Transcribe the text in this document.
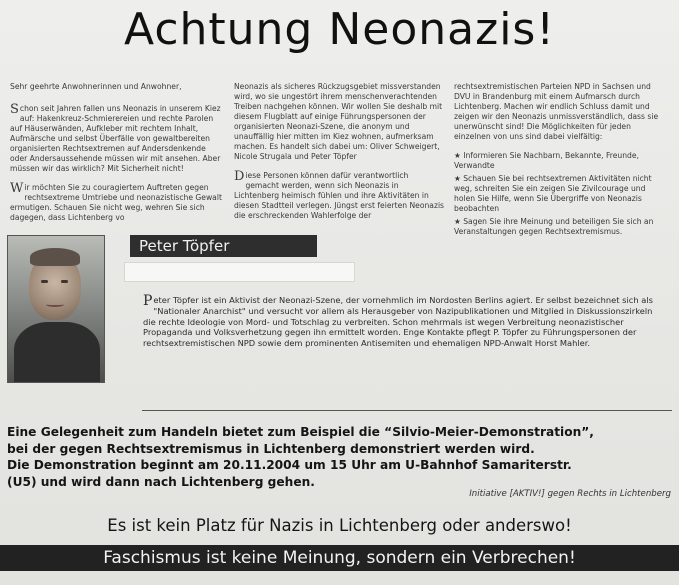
Achtung Neonazis!

Sehr geehrte Anwohnerinnen und Anwohner,

Schon seit Jahren fallen uns Neonazis in unserem Kiez auf: Hakenkreuz-Schmierereien und rechte Parolen auf Häuserwänden, Aufkleber mit rechtem Inhalt, Aufmärsche und selbst Überfälle von gewaltbereiten organisierten Rechtsextremen auf Andersdenkende oder Andersaussehende müssen wir mit ansehen. Aber müssen wir das wirklich? Mit Sicherheit nicht!

Wir möchten Sie zu couragiertem Auftreten gegen rechtsextreme Umtriebe und neonazistische Gewalt ermutigen. Schauen Sie nicht weg, wehren Sie sich dagegen, dass Lichtenberg vo

Neonazis als sicheres Rückzugsgebiet missverstanden wird, wo sie ungestört ihrem menschenverachtenden Treiben nachgehen können. Wir wollen Sie deshalb mit diesem Flugblatt auf einige Führungspersonen der organisierten Neonazi-Szene, die anonym und unauffällig hier mitten im Kiez wohnen, aufmerksam machen. Es handelt sich dabei um: Oliver Schweigert, Nicole Strugala und Peter Töpfer

Diese Personen können dafür verantwortlich gemacht werden, wenn sich Neonazis in Lichtenberg heimisch fühlen und ihre Aktivitäten in diesen Stadtteil verlegen. Jüngst erst feierten Neonazis die erschreckenden Wahlerfolge der

rechtsextremistischen Parteien NPD in Sachsen und DVU in Brandenburg mit einem Aufmarsch durch Lichtenberg. Machen wir endlich Schluss damit und zeigen wir den Neonazis unmissverständlich, dass sie unerwünscht sind! Die Möglichkeiten für jeden einzelnen von uns sind dabei vielfältig:

★ Informieren Sie Nachbarn, Bekannte, Freunde, Verwandte
★ Schauen Sie bei rechtsextremen Aktivitäten nicht weg, schreiten Sie ein zeigen Sie Zivilcourage und holen Sie Hilfe, wenn Sie Übergriffe von Neonazis beobachten
★ Sagen Sie ihre Meinung und beteiligen Sie sich an Veranstaltungen gegen Rechtsextremismus.
Peter Töpfer

Peter Töpfer ist ein Aktivist der Neonazi-Szene, der vornehmlich im Nordosten Berlins agiert. Er selbst bezeichnet sich als "Nationaler Anarchist" und versucht vor allem als Herausgeber von Nazipublikationen und Mitglied in Diskussionszirkeln die rechte Ideologie von Mord- und Totschlag zu verbreiten. Schon mehrmals ist wegen Verbreitung neonazistischer Propaganda und Volksverhetzung gegen ihn ermittelt worden. Enge Kontakte pflegt P. Töpfer zu Führungspersonen der rechtsextremistischen NPD sowie dem prominenten Antisemiten und ehemaligen NPD-Anwalt Horst Mahler.

Eine Gelegenheit zum Handeln bietet zum Beispiel die “Silvio-Meier-Demonstration”,
bei der gegen Rechtsextremismus in Lichtenberg demonstriert werden wird.
Die Demonstration beginnt am 20.11.2004 um 15 Uhr am U-Bahnhof Samariterstr.
(U5) und wird dann nach Lichtenberg gehen.
Initiative [AKTIV!] gegen Rechts in Lichtenberg
Es ist kein Platz für Nazis in Lichtenberg oder anderswo!
Faschismus ist keine Meinung, sondern ein Verbrechen!
